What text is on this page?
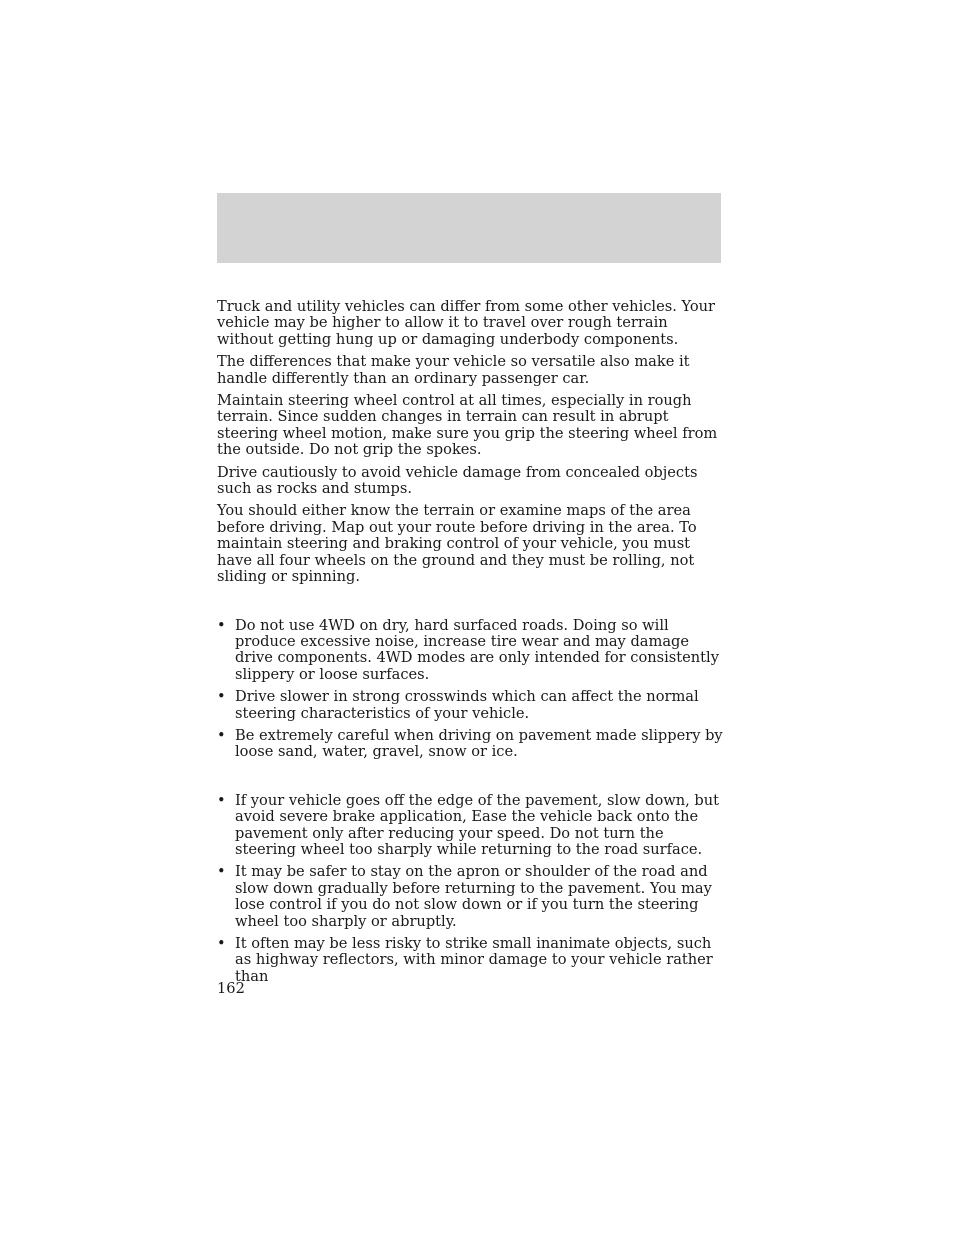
Truck and utility vehicles can differ from some other vehicles. Your vehicle may be higher to allow it to travel over rough terrain without getting hung up or damaging underbody components.

The differences that make your vehicle so versatile also make it handle differently than an ordinary passenger car.

Maintain steering wheel control at all times, especially in rough terrain. Since sudden changes in terrain can result in abrupt steering wheel motion, make sure you grip the steering wheel from the outside. Do not grip the spokes.

Drive cautiously to avoid vehicle damage from concealed objects such as rocks and stumps.

You should either know the terrain or examine maps of the area before driving. Map out your route before driving in the area. To maintain steering and braking control of your vehicle, you must have all four wheels on the ground and they must be rolling, not sliding or spinning.

• Do not use 4WD on dry, hard surfaced roads. Doing so will produce excessive noise, increase tire wear and may damage drive components. 4WD modes are only intended for consistently slippery or loose surfaces.
• Drive slower in strong crosswinds which can affect the normal steering characteristics of your vehicle.
• Be extremely careful when driving on pavement made slippery by loose sand, water, gravel, snow or ice.
• If your vehicle goes off the edge of the pavement, slow down, but avoid severe brake application, Ease the vehicle back onto the pavement only after reducing your speed. Do not turn the steering wheel too sharply while returning to the road surface.
• It may be safer to stay on the apron or shoulder of the road and slow down gradually before returning to the pavement. You may lose control if you do not slow down or if you turn the steering wheel too sharply or abruptly.
• It often may be less risky to strike small inanimate objects, such as highway reflectors, with minor damage to your vehicle rather than
162
